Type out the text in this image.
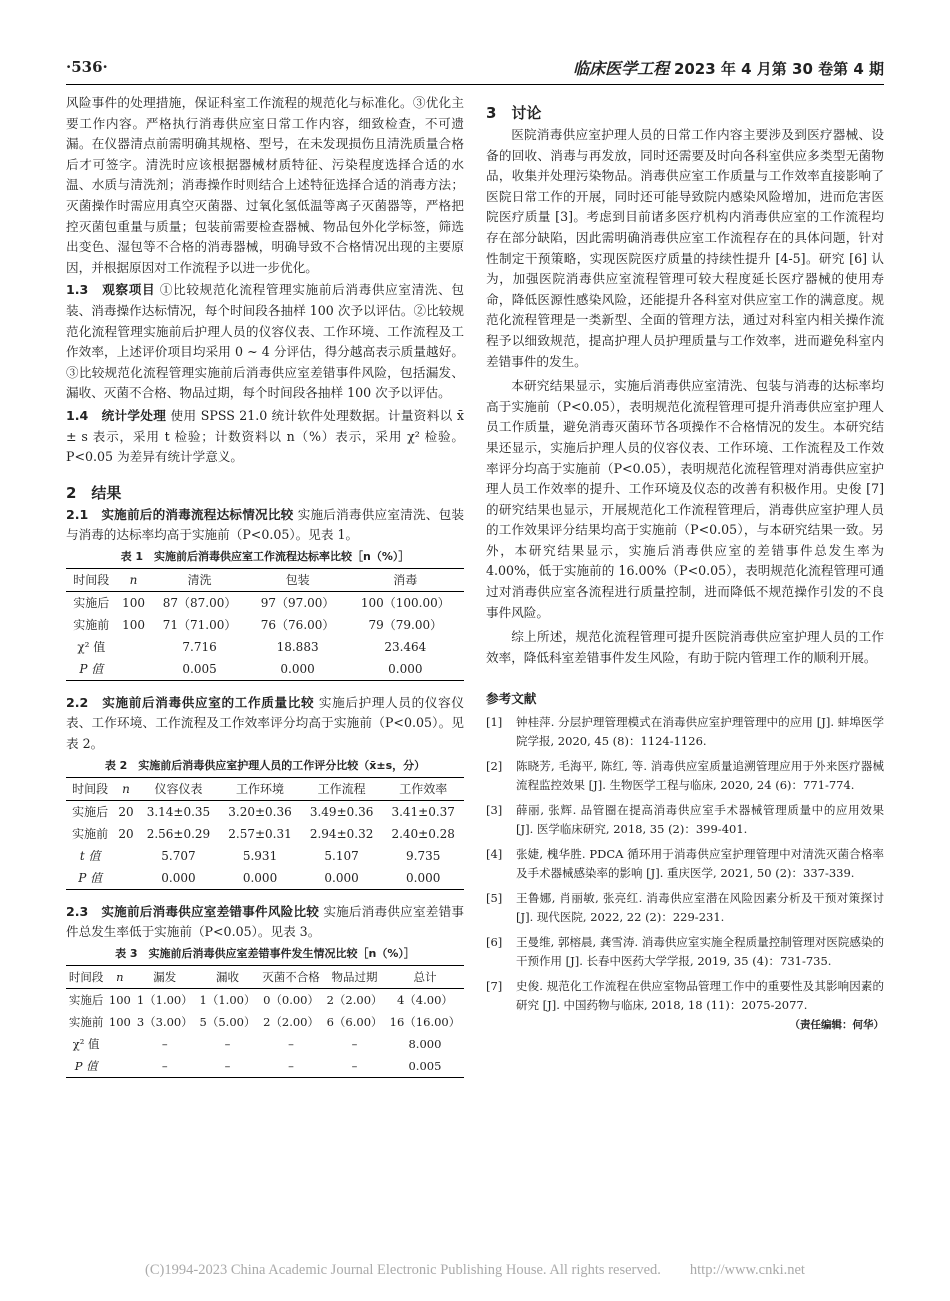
·536·	临床医学工程 2023 年 4 月第 30 卷第 4 期

风险事件的处理措施，保证科室工作流程的规范化与标准化。③优化主要工作内容。严格执行消毒供应室日常工作内容，细致检查，不可遗漏。在仪器清点前需明确其规格、型号，在未发现损伤且清洗质量合格后才可签字。清洗时应该根据器械材质特征、污染程度选择合适的水温、水质与清洗剂；消毒操作时则结合上述特征选择合适的消毒方法；灭菌操作时需应用真空灭菌器、过氧化氢低温等离子灭菌器等，严格把控灭菌包重量与质量；包装前需要检查器械、物品包外化学标签，筛选出变色、湿包等不合格的消毒器械，明确导致不合格情况出现的主要原因，并根据原因对工作流程予以进一步优化。

1.3　观察项目 ①比较规范化流程管理实施前后消毒供应室清洗、包装、消毒操作达标情况，每个时间段各抽样 100 次予以评估。②比较规范化流程管理实施前后护理人员的仪容仪表、工作环境、工作流程及工作效率，上述评价项目均采用 0 ~ 4 分评估，得分越高表示质量越好。③比较规范化流程管理实施前后消毒供应室差错事件风险，包括漏发、漏收、灭菌不合格、物品过期，每个时间段各抽样 100 次予以评估。

1.4　统计学处理 使用 SPSS 21.0 统计软件处理数据。计量资料以 x̄ ± s 表示，采用 t 检验；计数资料以 n（%）表示，采用 χ² 检验。P<0.05 为差异有统计学意义。

2　结果

2.1　实施前后的消毒流程达标情况比较 实施后消毒供应室清洗、包装与消毒的达标率均高于实施前（P<0.05）。见表 1。

表 1　实施前后消毒供应室工作流程达标率比较［n（%）］

时间段	n	清洗	包装	消毒
实施后	100	87（87.00）	97（97.00）	100（100.00）
实施前	100	71（71.00）	76（76.00）	79（79.00）
χ² 值		7.716	18.883	23.464
P 值		0.005	0.000	0.000

2.2　实施前后消毒供应室的工作质量比较 实施后护理人员的仪容仪表、工作环境、工作流程及工作效率评分均高于实施前（P<0.05）。见表 2。

表 2　实施前后消毒供应室护理人员的工作评分比较（x̄±s，分）

时间段	n	仪容仪表	工作环境	工作流程	工作效率
实施后	20	3.14±0.35	3.20±0.36	3.49±0.36	3.41±0.37
实施前	20	2.56±0.29	2.57±0.31	2.94±0.32	2.40±0.28
t 值		5.707	5.931	5.107	9.735
P 值		0.000	0.000	0.000	0.000

2.3　实施前后消毒供应室差错事件风险比较 实施后消毒供应室差错事件总发生率低于实施前（P<0.05）。见表 3。

表 3　实施前后消毒供应室差错事件发生情况比较［n（%）］

时间段	n	漏发	漏收	灭菌不合格	物品过期	总计
实施后	100	1（1.00）	1（1.00）	0（0.00）	2（2.00）	4（4.00）
实施前	100	3（3.00）	5（5.00）	2（2.00）	6（6.00）	16（16.00）
χ² 值		–	–	–	–	8.000
P 值		–	–	–	–	0.005

3　讨论

医院消毒供应室护理人员的日常工作内容主要涉及到医疗器械、设备的回收、消毒与再发放，同时还需要及时向各科室供应多类型无菌物品，收集并处理污染物品。消毒供应室工作质量与工作效率直接影响了医院日常工作的开展，同时还可能导致院内感染风险增加，进而危害医院医疗质量 [3]。考虑到目前诸多医疗机构内消毒供应室的工作流程均存在部分缺陷，因此需明确消毒供应室工作流程存在的具体问题，针对性制定干预策略，实现医院医疗质量的持续性提升 [4-5]。研究 [6] 认为，加强医院消毒供应室流程管理可较大程度延长医疗器械的使用寿命，降低医源性感染风险，还能提升各科室对供应室工作的满意度。规范化流程管理是一类新型、全面的管理方法，通过对科室内相关操作流程予以细致规范，提高护理人员护理质量与工作效率，进而避免科室内差错事件的发生。

本研究结果显示，实施后消毒供应室清洗、包装与消毒的达标率均高于实施前（P<0.05），表明规范化流程管理可提升消毒供应室护理人员工作质量，避免消毒灭菌环节各项操作不合格情况的发生。本研究结果还显示，实施后护理人员的仪容仪表、工作环境、工作流程及工作效率评分均高于实施前（P<0.05），表明规范化流程管理对消毒供应室护理人员工作效率的提升、工作环境及仪态的改善有积极作用。史俊 [7] 的研究结果也显示，开展规范化工作流程管理后，消毒供应室护理人员的工作效果评分结果均高于实施前（P<0.05），与本研究结果一致。另外，本研究结果显示，实施后消毒供应室的差错事件总发生率为 4.00%，低于实施前的 16.00%（P<0.05），表明规范化流程管理可通过对消毒供应室各流程进行质量控制，进而降低不规范操作引发的不良事件风险。

综上所述，规范化流程管理可提升医院消毒供应室护理人员的工作效率，降低科室差错事件发生风险，有助于院内管理工作的顺利开展。

参考文献

[1]	钟桂萍. 分层护理管理模式在消毒供应室护理管理中的应用 [J]. 蚌埠医学院学报, 2020, 45 (8)：1124-1126.
[2]	陈晓芳, 毛海平, 陈红, 等. 消毒供应室质量追溯管理应用于外来医疗器械流程监控效果 [J]. 生物医学工程与临床, 2020, 24 (6)：771-774.
[3]	薛丽, 张辉. 品管圈在提高消毒供应室手术器械管理质量中的应用效果 [J]. 医学临床研究, 2018, 35 (2)：399-401.
[4]	张婕, 槐华胜. PDCA 循环用于消毒供应室护理管理中对清洗灭菌合格率及手术器械感染率的影响 [J]. 重庆医学, 2021, 50 (2)：337-339.
[5]	王鲁娜, 肖丽敏, 张亮红. 消毒供应室潜在风险因素分析及干预对策探讨 [J]. 现代医院, 2022, 22 (2)：229-231.
[6]	王曼维, 郭榕晨, 龚雪涛. 消毒供应室实施全程质量控制管理对医院感染的干预作用 [J]. 长春中医药大学学报, 2019, 35 (4)：731-735.
[7]	史俊. 规范化工作流程在供应室物品管理工作中的重要性及其影响因素的研究 [J]. 中国药物与临床, 2018, 18 (11)：2075-2077.

（责任编辑：何华）

(C)1994-2023 China Academic Journal Electronic Publishing House. All rights reserved.　　http://www.cnki.net
